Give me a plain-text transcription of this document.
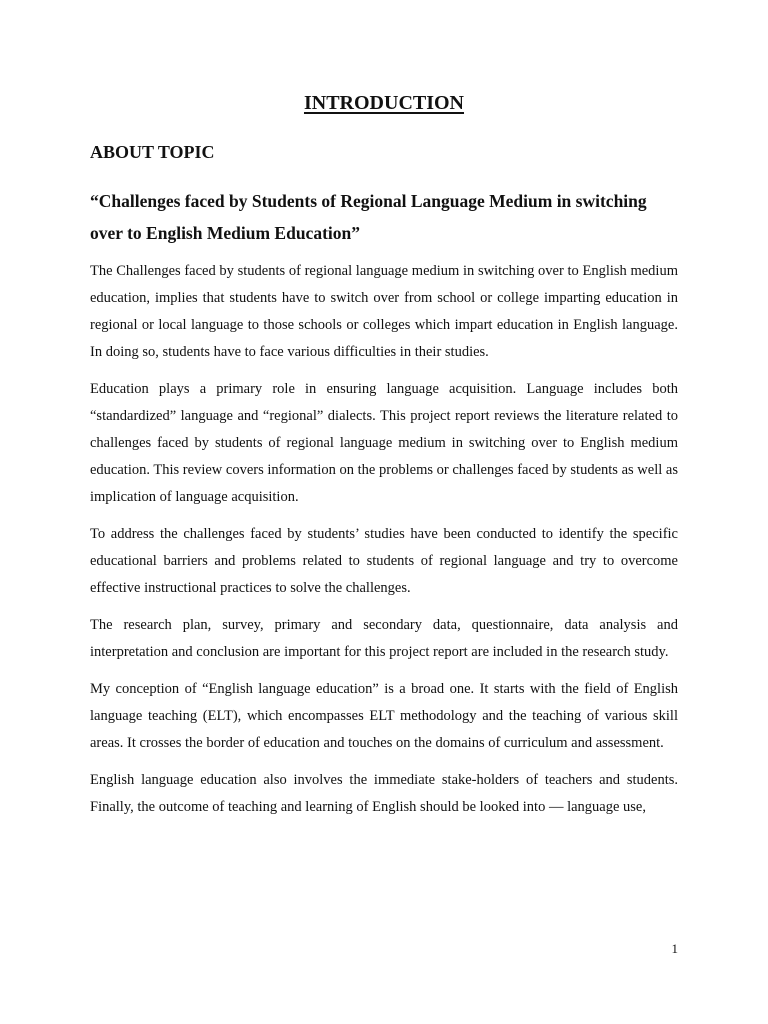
INTRODUCTION
ABOUT TOPIC

“Challenges faced by Students of Regional Language Medium in switching over to English Medium Education”

The Challenges faced by students of regional language medium in switching over to English medium education, implies that students have to switch over from school or college imparting education in regional or local language to those schools or colleges which impart education in English language. In doing so, students have to face various difficulties in their studies.

Education plays a primary role in ensuring language acquisition. Language includes both “standardized” language and “regional” dialects. This project report reviews the literature related to challenges faced by students of regional language medium in switching over to English medium education. This review covers information on the problems or challenges faced by students as well as implication of language acquisition.

To address the challenges faced by students’ studies have been conducted to identify the specific educational barriers and problems related to students of regional language and try to overcome effective instructional practices to solve the challenges.

The research plan, survey, primary and secondary data, questionnaire, data analysis and interpretation and conclusion are important for this project report are included in the research study.

My conception of “English language education” is a broad one. It starts with the field of English language teaching (ELT), which encompasses ELT methodology and the teaching of various skill areas. It crosses the border of education and touches on the domains of curriculum and assessment.

English language education also involves the immediate stake-holders of teachers and students. Finally, the outcome of teaching and learning of English should be looked into — language use,

1
